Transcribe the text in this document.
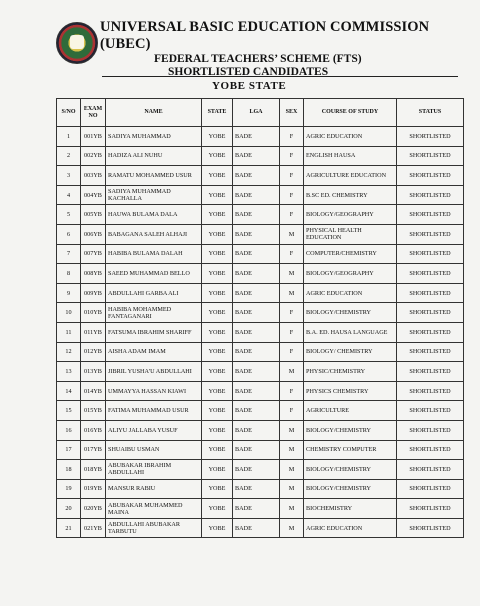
UNIVERSAL BASIC EDUCATION COMMISSION (UBEC)

FEDERAL TEACHERS’ SCHEME (FTS)

SHORTLISTED CANDIDATES

YOBE STATE

S/NO	EXAM NO	NAME	STATE	LGA	SEX	COURSE OF STUDY	STATUS
1	001YB	SADIYA MUHAMMAD	YOBE	BADE	F	AGRIC EDUCATION	SHORTLISTED
2	002YB	HADIZA ALI NUHU	YOBE	BADE	F	ENGLISH HAUSA	SHORTLISTED
3	003YB	RAMATU MOHAMMED USUR	YOBE	BADE	F	AGRICULTURE EDUCATION	SHORTLISTED
4	004YB	SADIYA MUHAMMAD KACHALLA	YOBE	BADE	F	B.SC ED. CHEMISTRY	SHORTLISTED
5	005YB	HAUWA BULAMA DALA	YOBE	BADE	F	BIOLOGY/GEOGRAPHY	SHORTLISTED
6	006YB	BABAGANA SALEH ALHAJI	YOBE	BADE	M	PHYSICAL HEALTH EDUCATION	SHORTLISTED
7	007YB	HABIBA BULAMA DALAH	YOBE	BADE	F	COMPUTER/CHEMISTRY	SHORTLISTED
8	008YB	SAEED MUHAMMAD BELLO	YOBE	BADE	M	BIOLOGY/GEOGRAPHY	SHORTLISTED
9	009YB	ABDULLAHI GARBA ALI	YOBE	BADE	M	AGRIC EDUCATION	SHORTLISTED
10	010YB	HABIBA MOHAMMED FANTAGANARI	YOBE	BADE	F	BIOLOGY/CHEMISTRY	SHORTLISTED
11	011YB	FATSUMA IBRAHIM SHARIFF	YOBE	BADE	F	B.A. ED. HAUSA LANGUAGE	SHORTLISTED
12	012YB	AISHA ADAM IMAM	YOBE	BADE	F	BIOLOGY/ CHEMISTRY	SHORTLISTED
13	013YB	JIBRIL YUSHA'U ABDULLAHI	YOBE	BADE	M	PHYSIC/CHEMISTRY	SHORTLISTED
14	014YB	UMMAYYA HASSAN KIAWI	YOBE	BADE	F	PHYSICS CHEMISTRY	SHORTLISTED
15	015YB	FATIMA MUHAMMAD USUR	YOBE	BADE	F	AGRICULTURE	SHORTLISTED
16	016YB	ALIYU JALLABA YUSUF	YOBE	BADE	M	BIOLOGY/CHEMISTRY	SHORTLISTED
17	017YB	SHUAIBU USMAN	YOBE	BADE	M	CHEMISTRY COMPUTER	SHORTLISTED
18	018YB	ABUBAKAR IBRAHIM ABDULLAHI	YOBE	BADE	M	BIOLOGY/CHEMISTRY	SHORTLISTED
19	019YB	MANSUR RABIU	YOBE	BADE	M	BIOLOGY/CHEMISTRY	SHORTLISTED
20	020YB	ABUBAKAR MUHAMMED MAINA	YOBE	BADE	M	BIOCHEMISTRY	SHORTLISTED
21	021YB	ABDULLAHI ABUBAKAR TARBUTU	YOBE	BADE	M	AGRIC EDUCATION	SHORTLISTED
